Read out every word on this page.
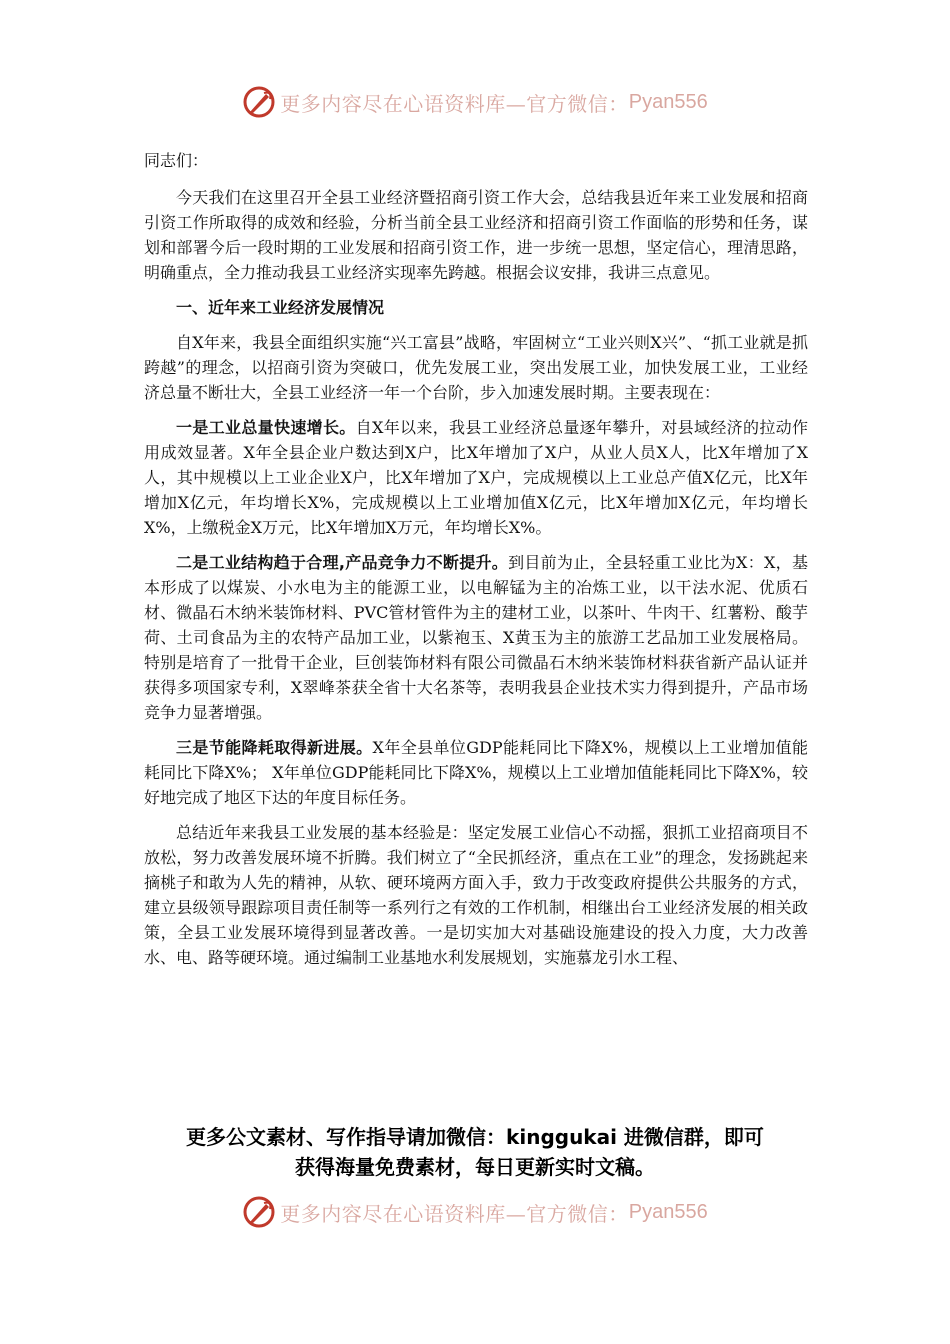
更多内容尽在心语资料库—官方微信： Pyan556

同志们：

今天我们在这里召开全县工业经济暨招商引资工作大会，总结我县近年来工业发展和招商引资工作所取得的成效和经验，分析当前全县工业经济和招商引资工作面临的形势和任务，谋划和部署今后一段时期的工业发展和招商引资工作，进一步统一思想，坚定信心，理清思路，明确重点，全力推动我县工业经济实现率先跨越。根据会议安排，我讲三点意见。

一、近年来工业经济发展情况

自X年来，我县全面组织实施“兴工富县”战略，牢固树立“工业兴则X兴”、“抓工业就是抓跨越”的理念，以招商引资为突破口，优先发展工业，突出发展工业，加快发展工业，工业经济总量不断壮大，全县工业经济一年一个台阶，步入加速发展时期。主要表现在：

一是工业总量快速增长。自X年以来，我县工业经济总量逐年攀升，对县域经济的拉动作用成效显著。X年全县企业户数达到X户，比X年增加了X户，从业人员X人，比X年增加了X人，其中规模以上工业企业X户，比X年增加了X户，完成规模以上工业总产值X亿元，比X年增加X亿元，年均增长X%，完成规模以上工业增加值X亿元，比X年增加X亿元，年均增长X%，上缴税金X万元，比X年增加X万元，年均增长X%。

二是工业结构趋于合理,产品竞争力不断提升。到目前为止，全县轻重工业比为X：X，基本形成了以煤炭、小水电为主的能源工业，以电解锰为主的冶炼工业，以干法水泥、优质石材、微晶石木纳米装饰材料、PVC管材管件为主的建材工业，以茶叶、牛肉干、红薯粉、酸芋荷、土司食品为主的农特产品加工业，以紫袍玉、X黄玉为主的旅游工艺品加工业发展格局。特别是培育了一批骨干企业，巨创装饰材料有限公司微晶石木纳米装饰材料获省新产品认证并获得多项国家专利，X翠峰茶获全省十大名茶等，表明我县企业技术实力得到提升，产品市场竞争力显著增强。

三是节能降耗取得新进展。X年全县单位GDP能耗同比下降X%，规模以上工业增加值能耗同比下降X%； X年单位GDP能耗同比下降X%，规模以上工业增加值能耗同比下降X%，较好地完成了地区下达的年度目标任务。

总结近年来我县工业发展的基本经验是：坚定发展工业信心不动摇，狠抓工业招商项目不放松，努力改善发展环境不折腾。我们树立了“全民抓经济，重点在工业”的理念，发扬跳起来摘桃子和敢为人先的精神，从软、硬环境两方面入手，致力于改变政府提供公共服务的方式，建立县级领导跟踪项目责任制等一系列行之有效的工作机制，相继出台工业经济发展的相关政策，全县工业发展环境得到显著改善。一是切实加大对基础设施建设的投入力度，大力改善水、电、路等硬环境。通过编制工业基地水利发展规划，实施慕龙引水工程、

更多公文素材、写作指导请加微信：kinggukai 进微信群，即可
获得海量免费素材，每日更新实时文稿。
更多内容尽在心语资料库—官方微信： Pyan556
